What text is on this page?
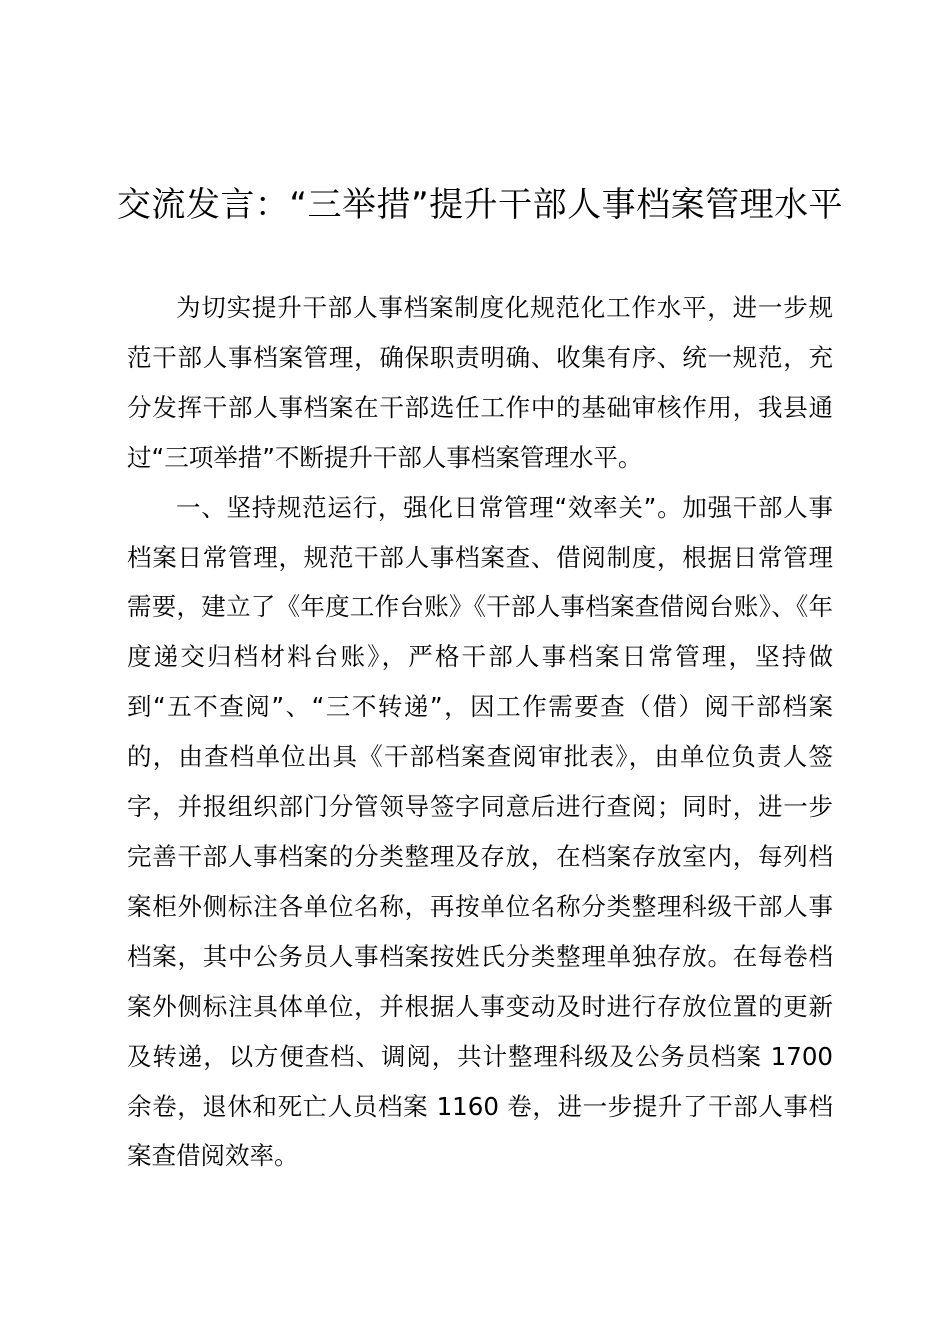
交流发言：“三举措”提升干部人事档案管理水平

为切实提升干部人事档案制度化规范化工作水平，进一步规范干部人事档案管理，确保职责明确、收集有序、统一规范，充分发挥干部人事档案在干部选任工作中的基础审核作用，我县通过“三项举措”不断提升干部人事档案管理水平。

一、坚持规范运行，强化日常管理“效率关”。加强干部人事档案日常管理，规范干部人事档案查、借阅制度，根据日常管理需要，建立了《年度工作台账》《干部人事档案查借阅台账》、《年度递交归档材料台账》，严格干部人事档案日常管理，坚持做到“五不查阅”、“三不转递”，因工作需要查（借）阅干部档案的，由查档单位出具《干部档案查阅审批表》，由单位负责人签字，并报组织部门分管领导签字同意后进行查阅；同时，进一步完善干部人事档案的分类整理及存放，在档案存放室内，每列档案柜外侧标注各单位名称，再按单位名称分类整理科级干部人事档案，其中公务员人事档案按姓氏分类整理单独存放。在每卷档案外侧标注具体单位，并根据人事变动及时进行存放位置的更新及转递，以方便查档、调阅，共计整理科级及公务员档案 1700 余卷，退休和死亡人员档案 1160 卷，进一步提升了干部人事档案查借阅效率。
